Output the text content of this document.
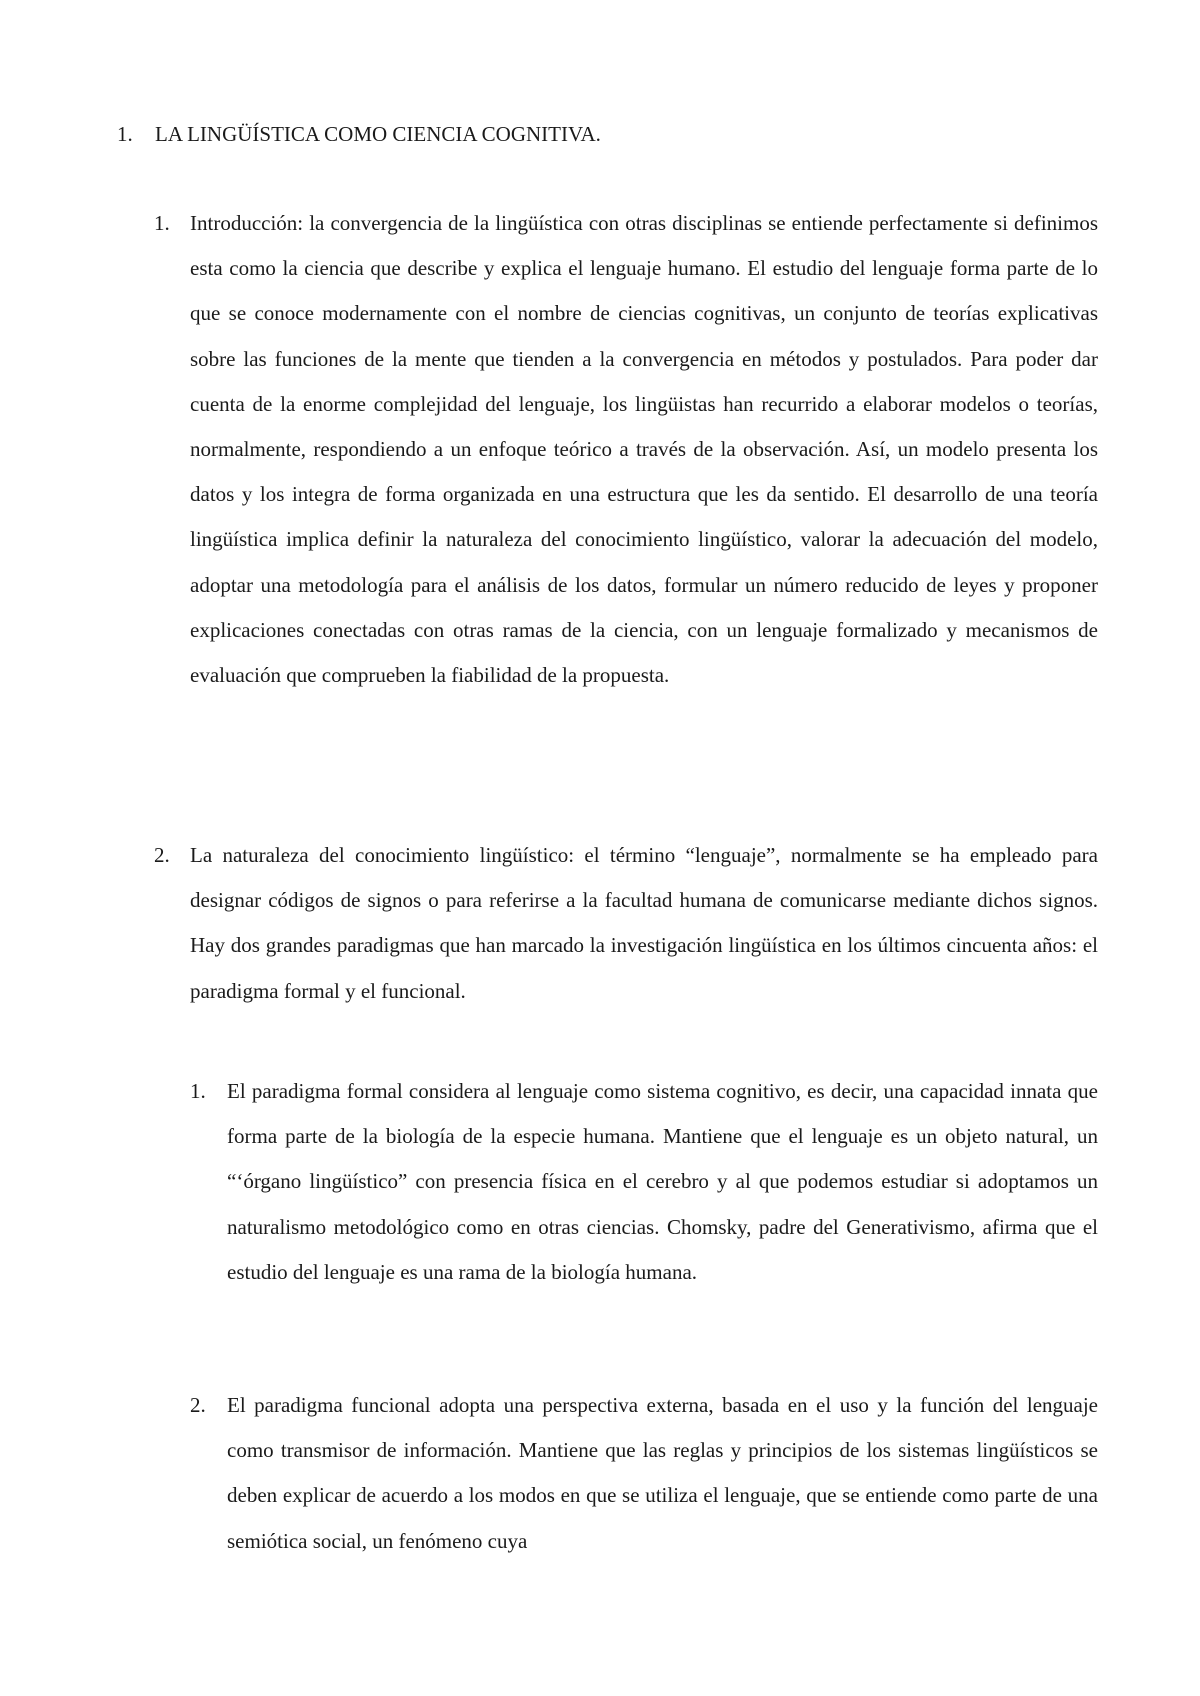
1. LA LINGÜÍSTICA COMO CIENCIA COGNITIVA.
1. Introducción: la convergencia de la lingüística con otras disciplinas se entiende perfectamente si definimos esta como la ciencia que describe y explica el lenguaje humano. El estudio del lenguaje forma parte de lo que se conoce modernamente con el nombre de ciencias cognitivas, un conjunto de teorías explicativas sobre las funciones de la mente que tienden a la convergencia en métodos y postulados. Para poder dar cuenta de la enorme complejidad del lenguaje, los lingüistas han recurrido a elaborar modelos o teorías, normalmente, respondiendo a un enfoque teórico a través de la observación. Así, un modelo presenta los datos y los integra de forma organizada en una estructura que les da sentido. El desarrollo de una teoría lingüística implica definir la naturaleza del conocimiento lingüístico, valorar la adecuación del modelo, adoptar una metodología para el análisis de los datos, formular un número reducido de leyes y proponer explicaciones conectadas con otras ramas de la ciencia, con un lenguaje formalizado y mecanismos de evaluación que comprueben la fiabilidad de la propuesta.

2. La naturaleza del conocimiento lingüístico: el término “lenguaje”, normalmente se ha empleado para designar códigos de signos o para referirse a la facultad humana de comunicarse mediante dichos signos. Hay dos grandes paradigmas que han marcado la investigación lingüística en los últimos cincuenta años: el paradigma formal y el funcional.

1. El paradigma formal considera al lenguaje como sistema cognitivo, es decir, una capacidad innata que forma parte de la biología de la especie humana. Mantiene que el lenguaje es un objeto natural, un “‘órgano lingüístico” con presencia física en el cerebro y al que podemos estudiar si adoptamos un naturalismo metodológico como en otras ciencias. Chomsky, padre del Generativismo, afirma que el estudio del lenguaje es una rama de la biología humana.

2. El paradigma funcional adopta una perspectiva externa, basada en el uso y la función del lenguaje como transmisor de información. Mantiene que las reglas y principios de los sistemas lingüísticos se deben explicar de acuerdo a los modos en que se utiliza el lenguaje, que se entiende como parte de una semiótica social, un fenómeno cuya
